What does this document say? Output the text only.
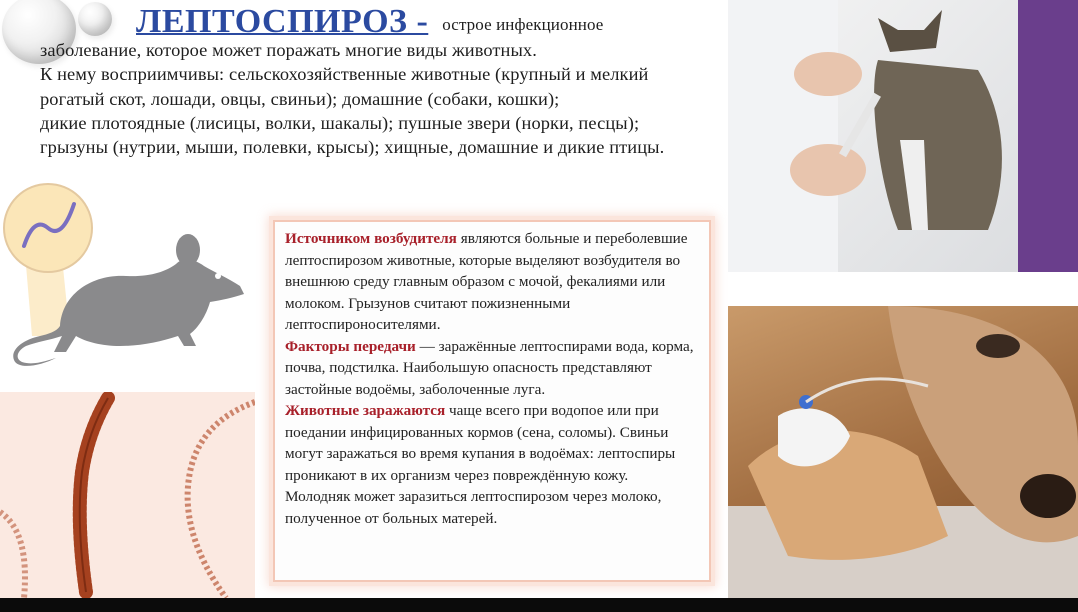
ЛЕПТОСПИРОЗ - острое инфекционное
заболевание, которое может поражать многие виды животных.
К нему восприимчивы: сельскохозяйственные животные (крупный и мелкий
рогатый скот, лошади, овцы, свиньи); домашние (собаки, кошки);
дикие плотоядные (лисицы, волки, шакалы); пушные звери (норки, песцы);
грызуны (нутрии, мыши, полевки, крысы); хищные, домашние и дикие птицы.
Источником возбудителя являются больные и переболевшие лептоспирозом животные, которые выделяют возбудителя во внешнюю среду главным образом с мочой, фекалиями или молоком. Грызунов считают пожизненными лептоспироносителями.
Факторы передачи — заражённые лептоспирами вода, корма, почва, подстилка. Наибольшую опасность представляют застойные водоёмы, заболоченные луга.
Животные заражаются чаще всего при водопое или при поедании инфицированных кормов (сена, соломы). Свиньи могут заражаться во время купания в водоёмах: лептоспиры проникают в их организм через повреждённую кожу.
Молодняк может заразиться лептоспирозом через молоко, полученное от больных матерей.
